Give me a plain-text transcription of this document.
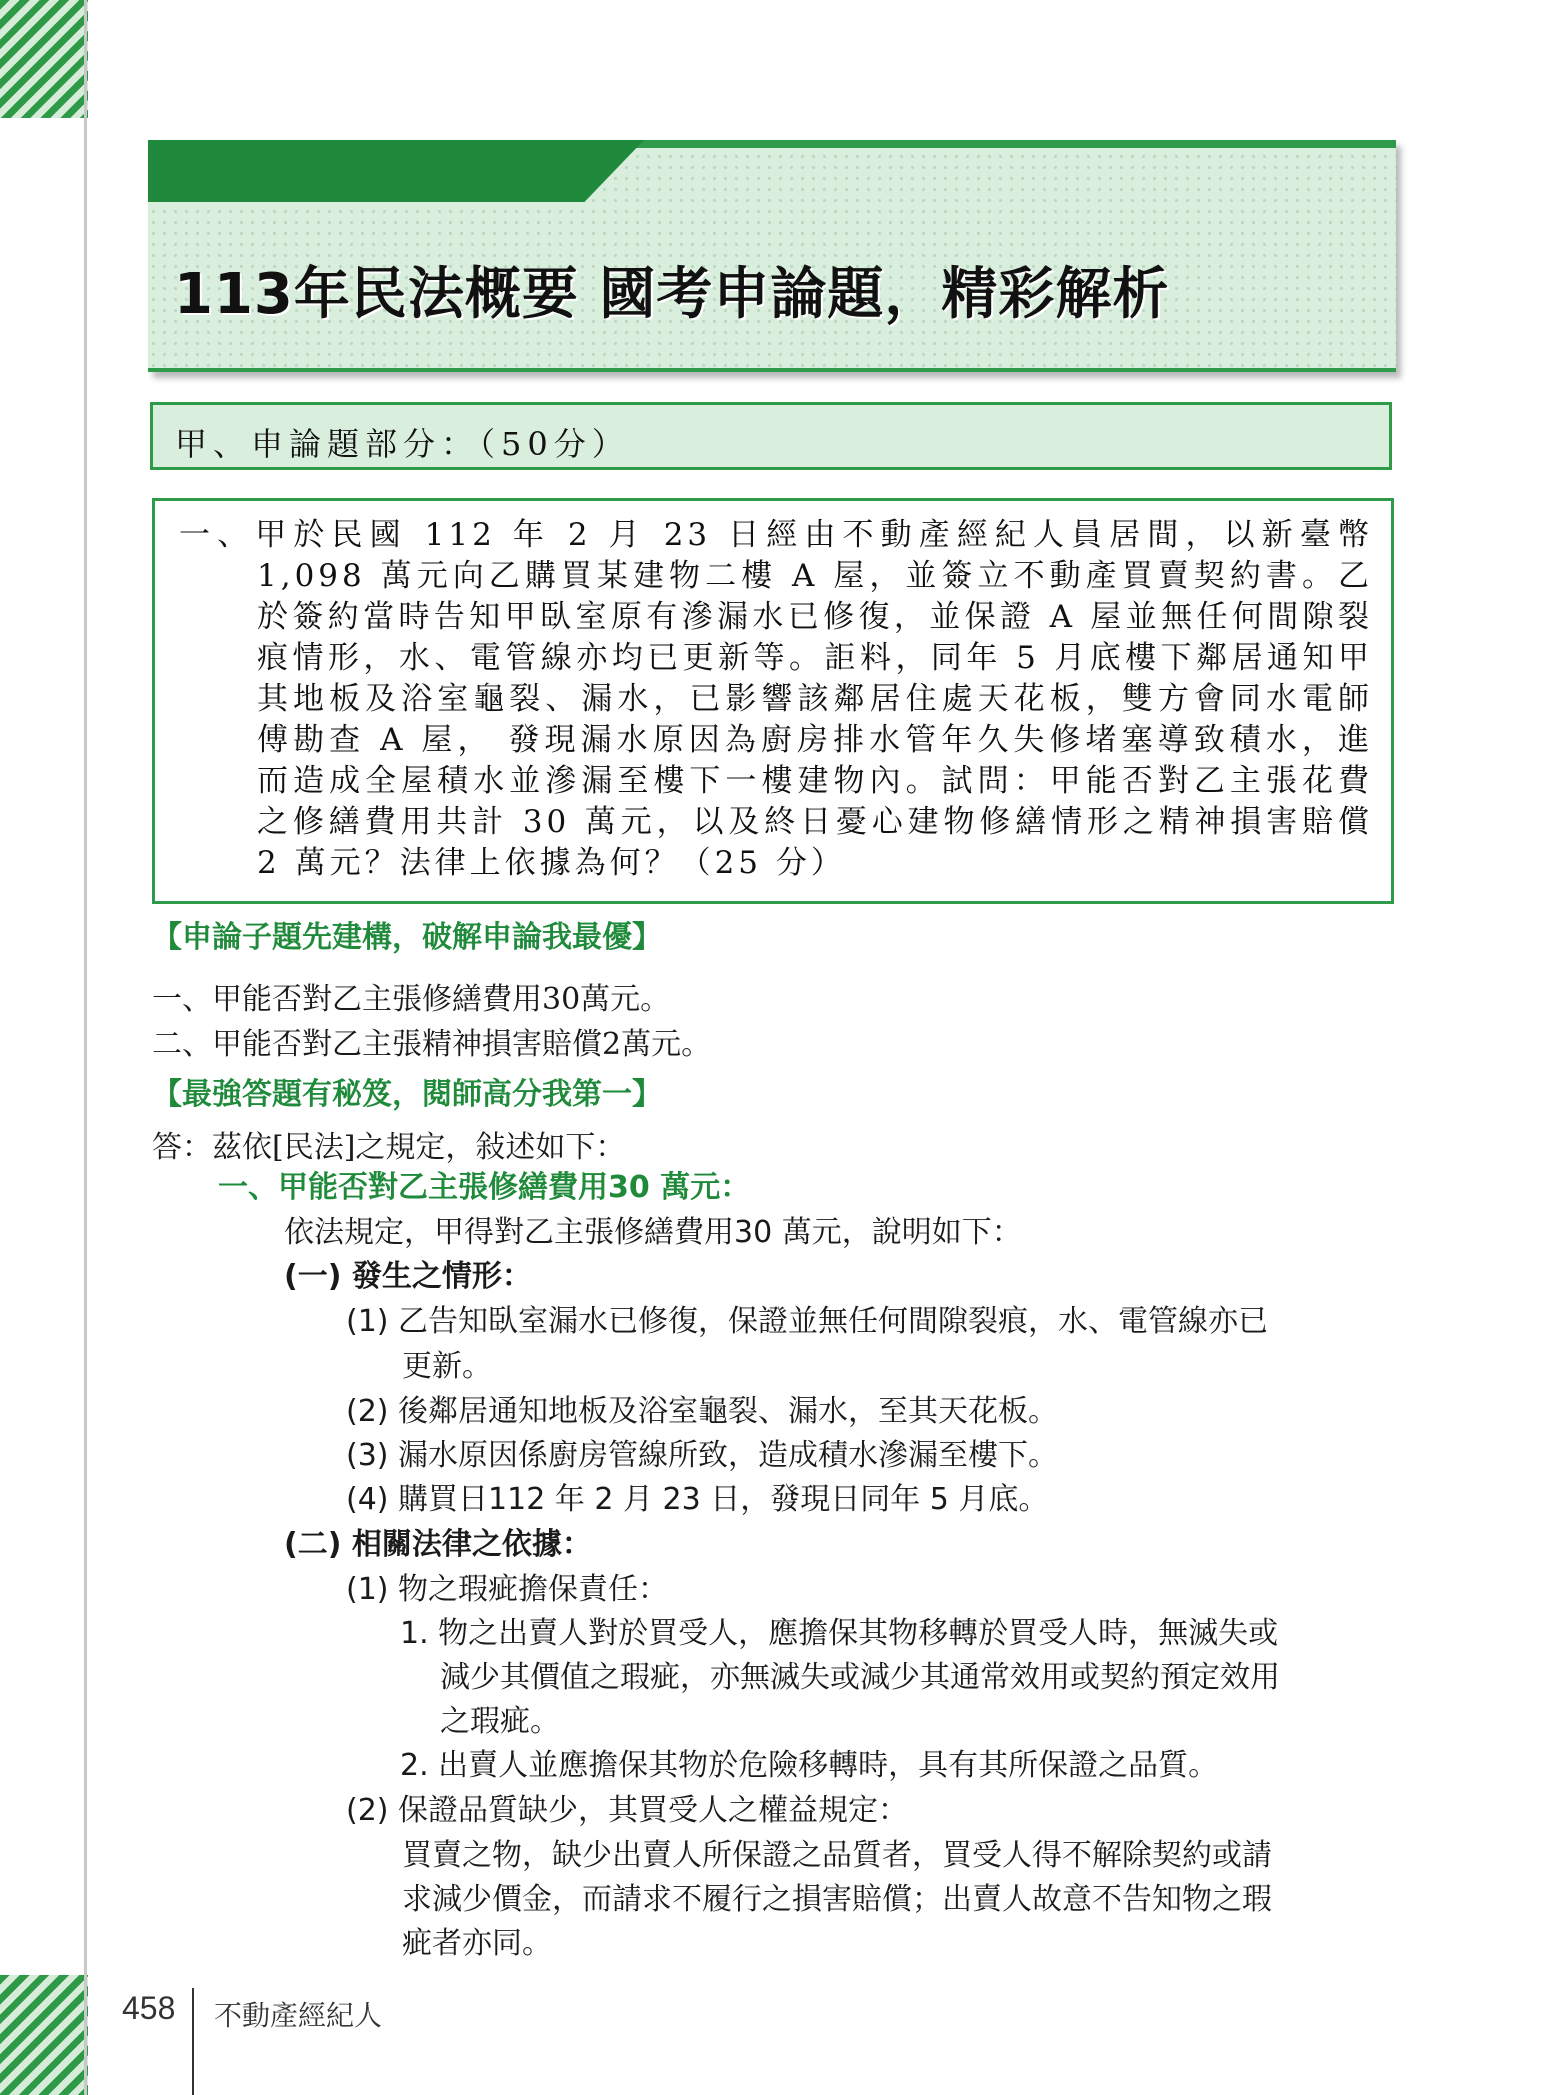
113年民法概要 國考申論題，精彩解析
甲、申論題部分：（50分）

一、甲於民國 112 年 2 月 23 日經由不動產經紀人員居間，以新臺幣 1,098 萬元向乙購買某建物二樓 A 屋，並簽立不動產買賣契約書。乙於簽約當時告知甲臥室原有滲漏水已修復，並保證 A 屋並無任何間隙裂痕情形，水、電管線亦均已更新等。詎料，同年 5 月底樓下鄰居通知甲其地板及浴室龜裂、漏水，已影響該鄰居住處天花板，雙方會同水電師傅勘查 A 屋， 發現漏水原因為廚房排水管年久失修堵塞導致積水，進而造成全屋積水並滲漏至樓下一樓建物內。試問：甲能否對乙主張花費之修繕費用共計 30 萬元，以及終日憂心建物修繕情形之精神損害賠償 2 萬元？法律上依據為何？（25 分）

【申論子題先建構，破解申論我最優】

一、甲能否對乙主張修繕費用30萬元。

二、甲能否對乙主張精神損害賠償2萬元。

【最強答題有秘笈，閱師高分我第一】

答：茲依[民法]之規定，敍述如下：

一、甲能否對乙主張修繕費用30 萬元：

依法規定，甲得對乙主張修繕費用30 萬元，說明如下：

(一) 發生之情形：

(1) 乙告知臥室漏水已修復，保證並無任何間隙裂痕，水、電管線亦已

更新。

(2) 後鄰居通知地板及浴室龜裂、漏水，至其天花板。

(3) 漏水原因係廚房管線所致，造成積水滲漏至樓下。

(4) 購買日112 年 2 月 23 日，發現日同年 5 月底。

(二) 相關法律之依據：

(1) 物之瑕疵擔保責任：

1. 物之出賣人對於買受人，應擔保其物移轉於買受人時，無滅失或

減少其價值之瑕疵，亦無滅失或減少其通常效用或契約預定效用

之瑕疵。

2. 出賣人並應擔保其物於危險移轉時，具有其所保證之品質。

(2) 保證品質缺少，其買受人之權益規定：

買賣之物，缺少出賣人所保證之品質者，買受人得不解除契約或請

求減少價金，而請求不履行之損害賠償；出賣人故意不告知物之瑕

疵者亦同。

458 不動產經紀人
